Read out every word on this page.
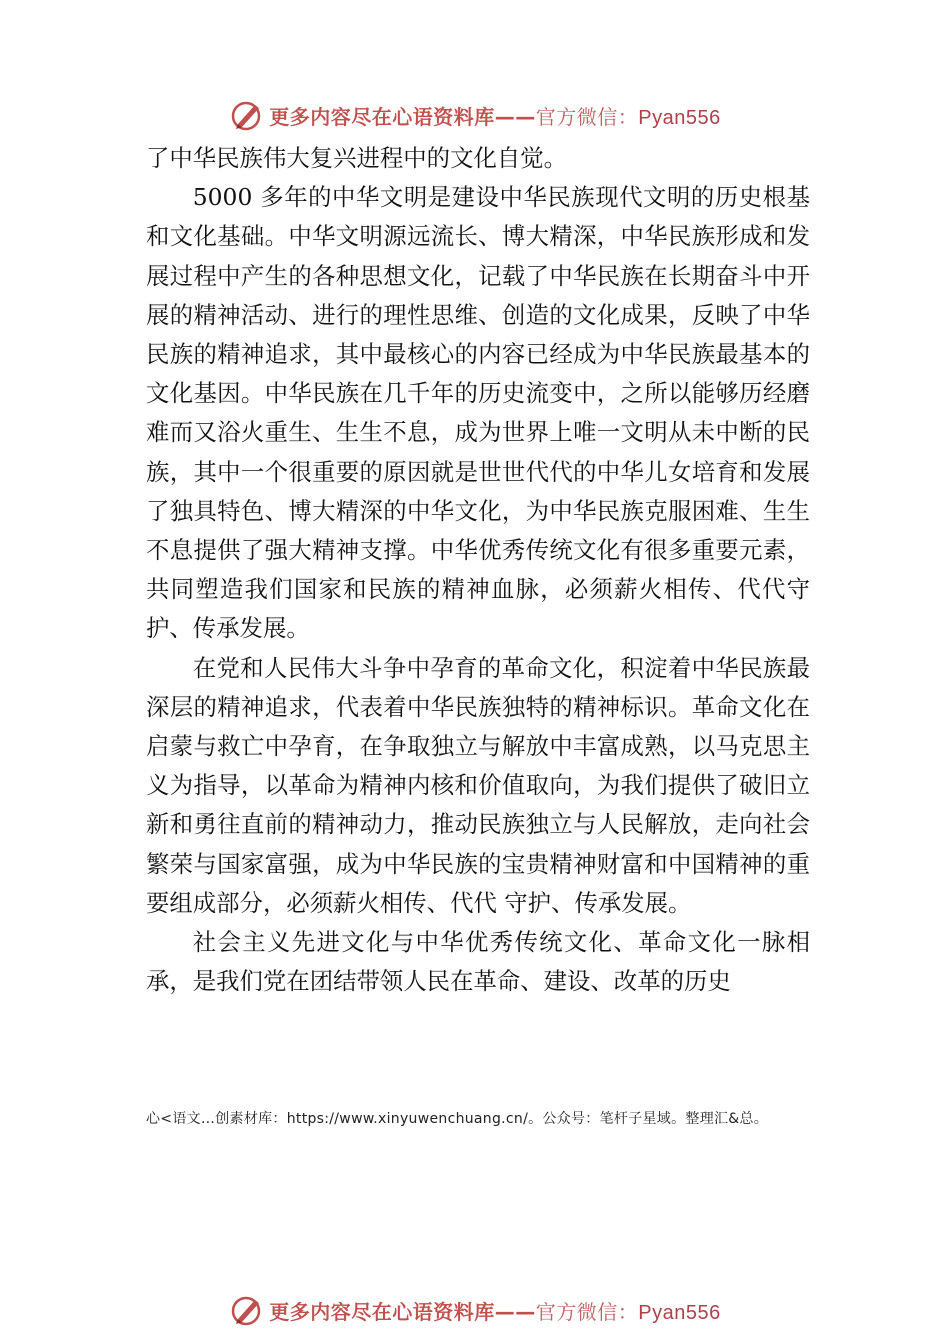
更多内容尽在心语资料库——官方微信：Pyan556

了中华民族伟大复兴进程中的文化自觉。

5000 多年的中华文明是建设中华民族现代文明的历史根基和文化基础。中华文明源远流长、博大精深，中华民族形成和发展过程中产生的各种思想文化，记载了中华民族在长期奋斗中开展的精神活动、进行的理性思维、创造的文化成果，反映了中华民族的精神追求，其中最核心的内容已经成为中华民族最基本的文化基因。中华民族在几千年的历史流变中，之所以能够历经磨难而又浴火重生、生生不息，成为世界上唯一文明从未中断的民族，其中一个很重要的原因就是世世代代的中华儿女培育和发展了独具特色、博大精深的中华文化，为中华民族克服困难、生生不息提供了强大精神支撑。中华优秀传统文化有很多重要元素，共同塑造我们国家和民族的精神血脉，必须薪火相传、代代守护、传承发展。

在党和人民伟大斗争中孕育的革命文化，积淀着中华民族最深层的精神追求，代表着中华民族独特的精神标识。革命文化在启蒙与救亡中孕育，在争取独立与解放中丰富成熟，以马克思主义为指导，以革命为精神内核和价值取向，为我们提供了破旧立新和勇往直前的精神动力，推动民族独立与人民解放，走向社会繁荣与国家富强，成为中华民族的宝贵精神财富和中国精神的重要组成部分，必须薪火相传、代代 守护、传承发展。

社会主义先进文化与中华优秀传统文化、革命文化一脉相承，是我们党在团结带领人民在革命、建设、改革的历史

心<语文…创素材库：https://www.xinyuwenchuang.cn/。公众号：笔杆子星域。整理汇&总。
更多内容尽在心语资料库——官方微信：Pyan556
